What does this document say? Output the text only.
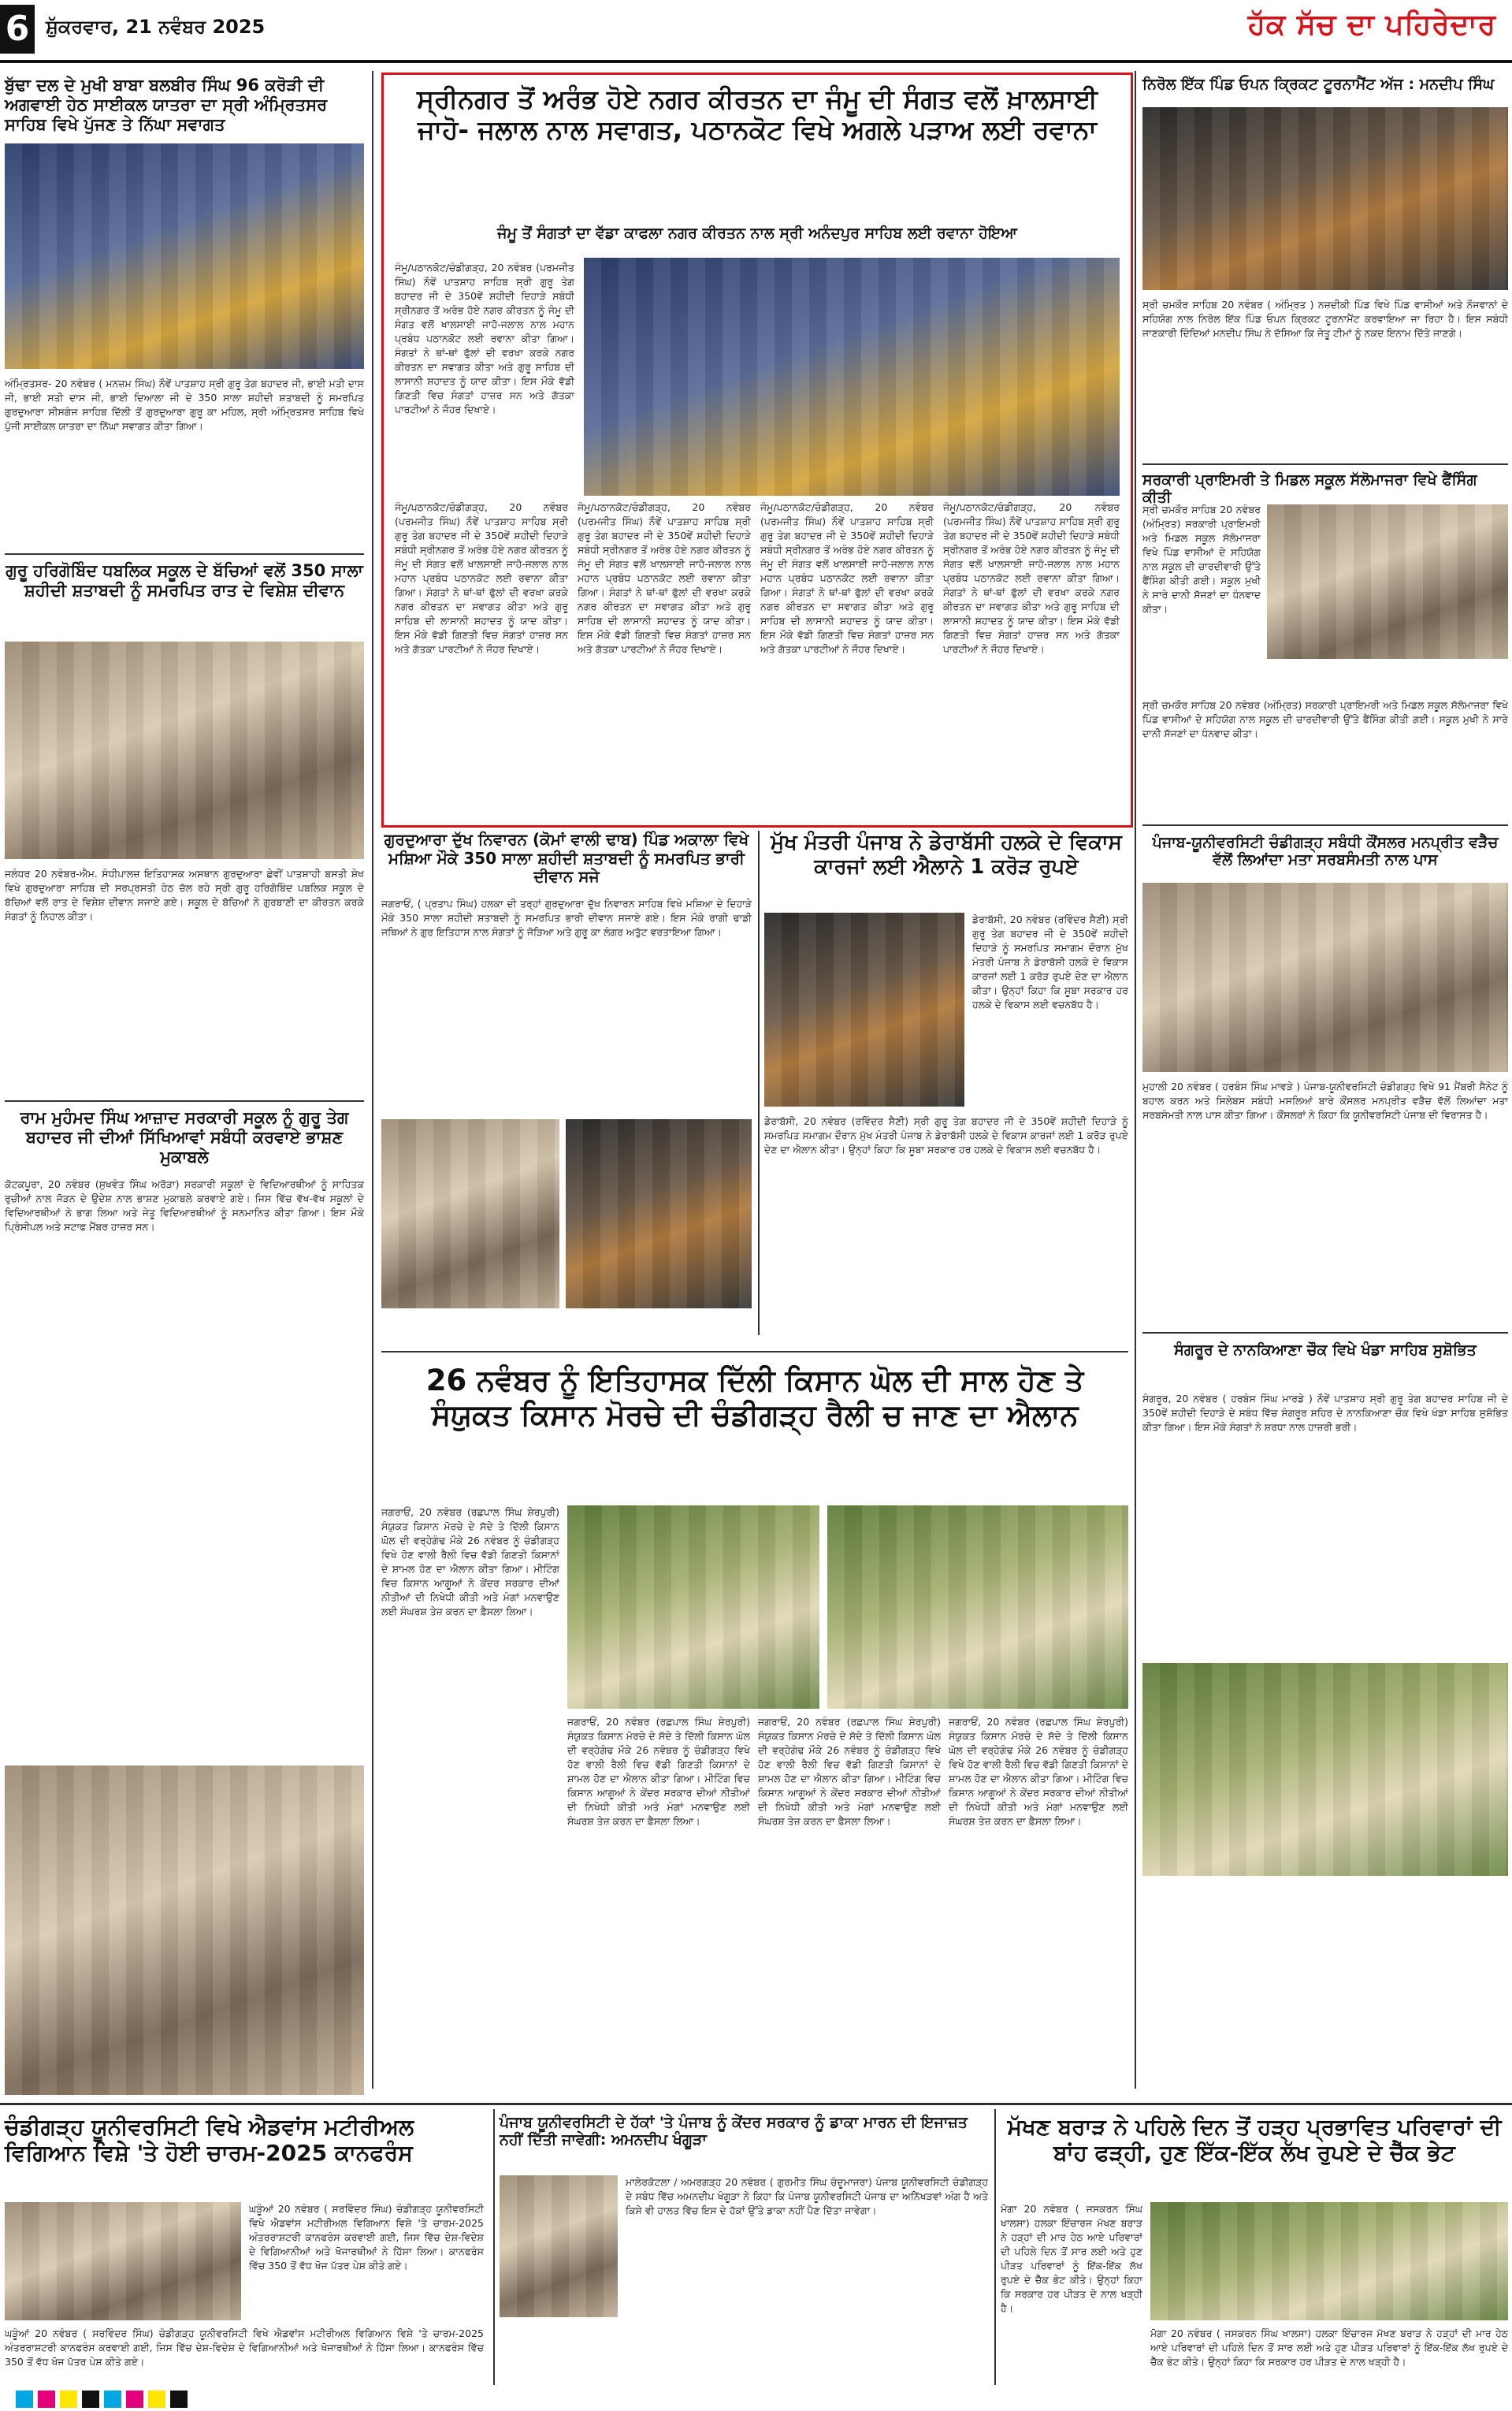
6 ਸ਼ੁੱਕਰਵਾਰ, 21 ਨਵੰਬਰ 2025	ਹੱਕ ਸੱਚ ਦਾ ਪਹਿਰੇਦਾਰ
ਬੁੱਢਾ ਦਲ ਦੇ ਮੁਖੀ ਬਾਬਾ ਬਲਬੀਰ ਸਿੰਘ 96 ਕਰੋੜੀ ਦੀ ਅਗਵਾਈ ਹੇਠ ਸਾਈਕਲ ਯਾਤਰਾ ਦਾ ਸ੍ਰੀ ਅੰਮ੍ਰਿਤਸਰ ਸਾਹਿਬ ਵਿਖੇ ਪੁੱਜਣ ਤੇ ਨਿੱਘਾ ਸਵਾਗਤ
ਅੰਮ੍ਰਿਤਸਰ- 20 ਨਵੰਬਰ ( ਮਨਜ਼ਮ ਸਿੰਘ) ਨੌਵੇਂ ਪਾਤਸ਼ਾਹ ਸ੍ਰੀ ਗੁਰੂ ਤੇਗ ਬਹਾਦਰ ਜੀ, ਭਾਈ ਮਤੀ ਦਾਸ ਜੀ, ਭਾਈ ਸਤੀ ਦਾਸ ਜੀ, ਭਾਈ ਦਿਆਲਾ ਜੀ ਦੇ 350 ਸਾਲਾ ਸ਼ਹੀਦੀ ਸ਼ਤਾਬਦੀ ਨੂੰ ਸਮਰਪਿਤ ਗੁਰਦੁਆਰਾ ਸੀਸਗੰਜ ਸਾਹਿਬ ਦਿੱਲੀ ਤੋਂ ਗੁਰਦੁਆਰਾ ਗੁਰੂ ਕਾ ਮਹਿਲ, ਸ੍ਰੀ ਅੰਮ੍ਰਿਤਸਰ ਸਾਹਿਬ ਵਿਖੇ ਪੁੱਜੀ ਸਾਈਕਲ ਯਾਤਰਾ ਦਾ ਨਿੱਘਾ ਸਵਾਗਤ ਕੀਤਾ ਗਿਆ।
ਗੁਰੂ ਹਰਿਗੋਬਿੰਦ ਧਬਲਿਕ ਸਕੂਲ ਦੇ ਬੱਚਿਆਂ ਵਲੋਂ 350 ਸਾਲਾ ਸ਼ਹੀਦੀ ਸ਼ਤਾਬਦੀ ਨੂੰ ਸਮਰਪਿਤ ਰਾਤ ਦੇ ਵਿਸ਼ੇਸ਼ ਦੀਵਾਨ
ਜਲੰਧਰ 20 ਨਵੰਬਰ-ਐਮ. ਸੰਧੀਪਾਲਜ਼ ਇਤਿਹਾਸਕ ਅਸਥਾਨ ਗੁਰਦੁਆਰਾ ਛੇਵੀਂ ਪਾਤਸ਼ਾਹੀ ਬਸਤੀ ਸ਼ੇਖ ਵਿਖੇ ਗੁਰਦੁਆਰਾ ਸਾਹਿਬ ਦੀ ਸਰਪ੍ਰਸਤੀ ਹੇਠ ਚੱਲ ਰਹੇ ਸ੍ਰੀ ਗੁਰੂ ਹਰਿਗੋਬਿੰਦ ਪਬਲਿਕ ਸਕੂਲ ਦੇ ਬੱਚਿਆਂ ਵਲੋਂ ਰਾਤ ਦੇ ਵਿਸ਼ੇਸ਼ ਦੀਵਾਨ ਸਜਾਏ ਗਏ। ਸਕੂਲ ਦੇ ਬੱਚਿਆਂ ਨੇ ਗੁਰਬਾਣੀ ਦਾ ਕੀਰਤਨ ਕਰਕੇ ਸੰਗਤਾਂ ਨੂੰ ਨਿਹਾਲ ਕੀਤਾ।
ਰਾਮ ਮੁਹੰਮਦ ਸਿੰਘ ਆਜ਼ਾਦ ਸਰਕਾਰੀ ਸਕੂਲ ਨੂੰ ਗੁਰੂ ਤੇਗ ਬਹਾਦਰ ਜੀ ਦੀਆਂ ਸਿੱਖਿਆਵਾਂ ਸਬੰਧੀ ਕਰਵਾਏ ਭਾਸ਼ਣ ਮੁਕਾਬਲੇ
ਕੋਟਕਪੂਰਾ, 20 ਨਵੰਬਰ (ਸੁਖਵੰਤ ਸਿੰਘ ਅਰੋੜਾ) ਸਰਕਾਰੀ ਸਕੂਲਾਂ ਦੇ ਵਿਦਿਆਰਥੀਆਂ ਨੂੰ ਸਾਹਿਤਕ ਰੁਚੀਆਂ ਨਾਲ ਜੋੜਨ ਦੇ ਉਦੇਸ਼ ਨਾਲ ਭਾਸ਼ਣ ਮੁਕਾਬਲੇ ਕਰਵਾਏ ਗਏ। ਜਿਸ ਵਿੱਚ ਵੱਖ-ਵੱਖ ਸਕੂਲਾਂ ਦੇ ਵਿਦਿਆਰਥੀਆਂ ਨੇ ਭਾਗ ਲਿਆ ਅਤੇ ਜੇਤੂ ਵਿਦਿਆਰਥੀਆਂ ਨੂੰ ਸਨਮਾਨਿਤ ਕੀਤਾ ਗਿਆ। ਇਸ ਮੌਕੇ ਪ੍ਰਿੰਸੀਪਲ ਅਤੇ ਸਟਾਫ ਮੈਂਬਰ ਹਾਜ਼ਰ ਸਨ।
ਸ੍ਰੀਨਗਰ ਤੋਂ ਅਰੰਭ ਹੋਏ ਨਗਰ ਕੀਰਤਨ ਦਾ ਜੰਮੂ ਦੀ ਸੰਗਤ ਵਲੋਂ ਖ਼ਾਲਸਾਈ ਜਾਹੋ- ਜਲਾਲ ਨਾਲ ਸਵਾਗਤ, ਪਠਾਨਕੋਟ ਵਿਖੇ ਅਗਲੇ ਪੜਾਅ ਲਈ ਰਵਾਨਾ
ਜੰਮੂ ਤੋਂ ਸੰਗਤਾਂ ਦਾ ਵੱਡਾ ਕਾਫਲਾ ਨਗਰ ਕੀਰਤਨ ਨਾਲ ਸ੍ਰੀ ਅਨੰਦਪੁਰ ਸਾਹਿਬ ਲਈ ਰਵਾਨਾ ਹੋਇਆ
ਜੰਮੂ/ਪਠਾਨਕੋਟ/ਚੰਡੀਗੜ੍ਹ, 20 ਨਵੰਬਰ (ਪਰਮਜੀਤ ਸਿੰਘ) ਨੌਵੇਂ ਪਾਤਸ਼ਾਹ ਸਾਹਿਬ ਸ੍ਰੀ ਗੁਰੂ ਤੇਗ ਬਹਾਦਰ ਜੀ ਦੇ 350ਵੇਂ ਸ਼ਹੀਦੀ ਦਿਹਾੜੇ ਸਬੰਧੀ ਸ੍ਰੀਨਗਰ ਤੋਂ ਅਰੰਭ ਹੋਏ ਨਗਰ ਕੀਰਤਨ ਨੂੰ ਜੰਮੂ ਦੀ ਸੰਗਤ ਵਲੋਂ ਖਾਲਸਾਈ ਜਾਹੋ-ਜਲਾਲ ਨਾਲ ਮਹਾਨ ਪ੍ਰਬੰਧ ਪਠਾਨਕੋਟ ਲਈ ਰਵਾਨਾ ਕੀਤਾ ਗਿਆ। ਸੰਗਤਾਂ ਨੇ ਥਾਂ-ਥਾਂ ਫੁੱਲਾਂ ਦੀ ਵਰਖਾ ਕਰਕੇ ਨਗਰ ਕੀਰਤਨ ਦਾ ਸਵਾਗਤ ਕੀਤਾ ਅਤੇ ਗੁਰੂ ਸਾਹਿਬ ਦੀ ਲਾਸਾਨੀ ਸ਼ਹਾਦਤ ਨੂੰ ਯਾਦ ਕੀਤਾ। ਇਸ ਮੌਕੇ ਵੱਡੀ ਗਿਣਤੀ ਵਿਚ ਸੰਗਤਾਂ ਹਾਜ਼ਰ ਸਨ ਅਤੇ ਗੱਤਕਾ ਪਾਰਟੀਆਂ ਨੇ ਜੌਹਰ ਦਿਖਾਏ।
ਜੰਮੂ/ਪਠਾਨਕੋਟ/ਚੰਡੀਗੜ੍ਹ, 20 ਨਵੰਬਰ (ਪਰਮਜੀਤ ਸਿੰਘ) ਨੌਵੇਂ ਪਾਤਸ਼ਾਹ ਸਾਹਿਬ ਸ੍ਰੀ ਗੁਰੂ ਤੇਗ ਬਹਾਦਰ ਜੀ ਦੇ 350ਵੇਂ ਸ਼ਹੀਦੀ ਦਿਹਾੜੇ ਸਬੰਧੀ ਸ੍ਰੀਨਗਰ ਤੋਂ ਅਰੰਭ ਹੋਏ ਨਗਰ ਕੀਰਤਨ ਨੂੰ ਜੰਮੂ ਦੀ ਸੰਗਤ ਵਲੋਂ ਖਾਲਸਾਈ ਜਾਹੋ-ਜਲਾਲ ਨਾਲ ਮਹਾਨ ਪ੍ਰਬੰਧ ਪਠਾਨਕੋਟ ਲਈ ਰਵਾਨਾ ਕੀਤਾ ਗਿਆ। ਸੰਗਤਾਂ ਨੇ ਥਾਂ-ਥਾਂ ਫੁੱਲਾਂ ਦੀ ਵਰਖਾ ਕਰਕੇ ਨਗਰ ਕੀਰਤਨ ਦਾ ਸਵਾਗਤ ਕੀਤਾ ਅਤੇ ਗੁਰੂ ਸਾਹਿਬ ਦੀ ਲਾਸਾਨੀ ਸ਼ਹਾਦਤ ਨੂੰ ਯਾਦ ਕੀਤਾ। ਇਸ ਮੌਕੇ ਵੱਡੀ ਗਿਣਤੀ ਵਿਚ ਸੰਗਤਾਂ ਹਾਜ਼ਰ ਸਨ ਅਤੇ ਗੱਤਕਾ ਪਾਰਟੀਆਂ ਨੇ ਜੌਹਰ ਦਿਖਾਏ।
ਜੰਮੂ/ਪਠਾਨਕੋਟ/ਚੰਡੀਗੜ੍ਹ, 20 ਨਵੰਬਰ (ਪਰਮਜੀਤ ਸਿੰਘ) ਨੌਵੇਂ ਪਾਤਸ਼ਾਹ ਸਾਹਿਬ ਸ੍ਰੀ ਗੁਰੂ ਤੇਗ ਬਹਾਦਰ ਜੀ ਦੇ 350ਵੇਂ ਸ਼ਹੀਦੀ ਦਿਹਾੜੇ ਸਬੰਧੀ ਸ੍ਰੀਨਗਰ ਤੋਂ ਅਰੰਭ ਹੋਏ ਨਗਰ ਕੀਰਤਨ ਨੂੰ ਜੰਮੂ ਦੀ ਸੰਗਤ ਵਲੋਂ ਖਾਲਸਾਈ ਜਾਹੋ-ਜਲਾਲ ਨਾਲ ਮਹਾਨ ਪ੍ਰਬੰਧ ਪਠਾਨਕੋਟ ਲਈ ਰਵਾਨਾ ਕੀਤਾ ਗਿਆ। ਸੰਗਤਾਂ ਨੇ ਥਾਂ-ਥਾਂ ਫੁੱਲਾਂ ਦੀ ਵਰਖਾ ਕਰਕੇ ਨਗਰ ਕੀਰਤਨ ਦਾ ਸਵਾਗਤ ਕੀਤਾ ਅਤੇ ਗੁਰੂ ਸਾਹਿਬ ਦੀ ਲਾਸਾਨੀ ਸ਼ਹਾਦਤ ਨੂੰ ਯਾਦ ਕੀਤਾ। ਇਸ ਮੌਕੇ ਵੱਡੀ ਗਿਣਤੀ ਵਿਚ ਸੰਗਤਾਂ ਹਾਜ਼ਰ ਸਨ ਅਤੇ ਗੱਤਕਾ ਪਾਰਟੀਆਂ ਨੇ ਜੌਹਰ ਦਿਖਾਏ।
ਜੰਮੂ/ਪਠਾਨਕੋਟ/ਚੰਡੀਗੜ੍ਹ, 20 ਨਵੰਬਰ (ਪਰਮਜੀਤ ਸਿੰਘ) ਨੌਵੇਂ ਪਾਤਸ਼ਾਹ ਸਾਹਿਬ ਸ੍ਰੀ ਗੁਰੂ ਤੇਗ ਬਹਾਦਰ ਜੀ ਦੇ 350ਵੇਂ ਸ਼ਹੀਦੀ ਦਿਹਾੜੇ ਸਬੰਧੀ ਸ੍ਰੀਨਗਰ ਤੋਂ ਅਰੰਭ ਹੋਏ ਨਗਰ ਕੀਰਤਨ ਨੂੰ ਜੰਮੂ ਦੀ ਸੰਗਤ ਵਲੋਂ ਖਾਲਸਾਈ ਜਾਹੋ-ਜਲਾਲ ਨਾਲ ਮਹਾਨ ਪ੍ਰਬੰਧ ਪਠਾਨਕੋਟ ਲਈ ਰਵਾਨਾ ਕੀਤਾ ਗਿਆ। ਸੰਗਤਾਂ ਨੇ ਥਾਂ-ਥਾਂ ਫੁੱਲਾਂ ਦੀ ਵਰਖਾ ਕਰਕੇ ਨਗਰ ਕੀਰਤਨ ਦਾ ਸਵਾਗਤ ਕੀਤਾ ਅਤੇ ਗੁਰੂ ਸਾਹਿਬ ਦੀ ਲਾਸਾਨੀ ਸ਼ਹਾਦਤ ਨੂੰ ਯਾਦ ਕੀਤਾ। ਇਸ ਮੌਕੇ ਵੱਡੀ ਗਿਣਤੀ ਵਿਚ ਸੰਗਤਾਂ ਹਾਜ਼ਰ ਸਨ ਅਤੇ ਗੱਤਕਾ ਪਾਰਟੀਆਂ ਨੇ ਜੌਹਰ ਦਿਖਾਏ।
ਜੰਮੂ/ਪਠਾਨਕੋਟ/ਚੰਡੀਗੜ੍ਹ, 20 ਨਵੰਬਰ (ਪਰਮਜੀਤ ਸਿੰਘ) ਨੌਵੇਂ ਪਾਤਸ਼ਾਹ ਸਾਹਿਬ ਸ੍ਰੀ ਗੁਰੂ ਤੇਗ ਬਹਾਦਰ ਜੀ ਦੇ 350ਵੇਂ ਸ਼ਹੀਦੀ ਦਿਹਾੜੇ ਸਬੰਧੀ ਸ੍ਰੀਨਗਰ ਤੋਂ ਅਰੰਭ ਹੋਏ ਨਗਰ ਕੀਰਤਨ ਨੂੰ ਜੰਮੂ ਦੀ ਸੰਗਤ ਵਲੋਂ ਖਾਲਸਾਈ ਜਾਹੋ-ਜਲਾਲ ਨਾਲ ਮਹਾਨ ਪ੍ਰਬੰਧ ਪਠਾਨਕੋਟ ਲਈ ਰਵਾਨਾ ਕੀਤਾ ਗਿਆ। ਸੰਗਤਾਂ ਨੇ ਥਾਂ-ਥਾਂ ਫੁੱਲਾਂ ਦੀ ਵਰਖਾ ਕਰਕੇ ਨਗਰ ਕੀਰਤਨ ਦਾ ਸਵਾਗਤ ਕੀਤਾ ਅਤੇ ਗੁਰੂ ਸਾਹਿਬ ਦੀ ਲਾਸਾਨੀ ਸ਼ਹਾਦਤ ਨੂੰ ਯਾਦ ਕੀਤਾ। ਇਸ ਮੌਕੇ ਵੱਡੀ ਗਿਣਤੀ ਵਿਚ ਸੰਗਤਾਂ ਹਾਜ਼ਰ ਸਨ ਅਤੇ ਗੱਤਕਾ ਪਾਰਟੀਆਂ ਨੇ ਜੌਹਰ ਦਿਖਾਏ।
ਗੁਰਦੁਆਰਾ ਦੁੱਖ ਨਿਵਾਰਨ (ਕੋਮਾਂ ਵਾਲੀ ਢਾਬ) ਪਿੰਡ ਅਕਾਲਾ ਵਿਖੇ ਮਸ਼ਿਆ ਮੌਕੇ 350 ਸਾਲਾ ਸ਼ਹੀਦੀ ਸ਼ਤਾਬਦੀ ਨੂੰ ਸਮਰਪਿਤ ਭਾਰੀ ਦੀਵਾਨ ਸਜੇ
ਜਗਰਾਓਂ, ( ਪ੍ਰਤਾਪ ਸਿੰਘ) ਹਲਕਾ ਦੀ ਤਰ੍ਹਾਂ ਗੁਰਦੁਆਰਾ ਦੁੱਖ ਨਿਵਾਰਨ ਸਾਹਿਬ ਵਿਖੇ ਮਸ਼ਿਆ ਦੇ ਦਿਹਾੜੇ ਮੌਕੇ 350 ਸਾਲਾ ਸ਼ਹੀਦੀ ਸ਼ਤਾਬਦੀ ਨੂੰ ਸਮਰਪਿਤ ਭਾਰੀ ਦੀਵਾਨ ਸਜਾਏ ਗਏ। ਇਸ ਮੌਕੇ ਰਾਗੀ ਢਾਡੀ ਜਥਿਆਂ ਨੇ ਗੁਰ ਇਤਿਹਾਸ ਨਾਲ ਸੰਗਤਾਂ ਨੂੰ ਜੋੜਿਆ ਅਤੇ ਗੁਰੂ ਕਾ ਲੰਗਰ ਅਤੁੱਟ ਵਰਤਾਇਆ ਗਿਆ।
ਮੁੱਖ ਮੰਤਰੀ ਪੰਜਾਬ ਨੇ ਡੇਰਾਬੱਸੀ ਹਲਕੇ ਦੇ ਵਿਕਾਸ ਕਾਰਜਾਂ ਲਈ ਐਲਾਨੇ 1 ਕਰੋੜ ਰੁਪਏ
ਡੇਰਾਬੱਸੀ, 20 ਨਵੰਬਰ (ਰਵਿੰਦਰ ਸੈਣੀ) ਸ੍ਰੀ ਗੁਰੂ ਤੇਗ ਬਹਾਦਰ ਜੀ ਦੇ 350ਵੇਂ ਸ਼ਹੀਦੀ ਦਿਹਾੜੇ ਨੂੰ ਸਮਰਪਿਤ ਸਮਾਗਮ ਦੌਰਾਨ ਮੁੱਖ ਮੰਤਰੀ ਪੰਜਾਬ ਨੇ ਡੇਰਾਬੱਸੀ ਹਲਕੇ ਦੇ ਵਿਕਾਸ ਕਾਰਜਾਂ ਲਈ 1 ਕਰੋੜ ਰੁਪਏ ਦੇਣ ਦਾ ਐਲਾਨ ਕੀਤਾ। ਉਨ੍ਹਾਂ ਕਿਹਾ ਕਿ ਸੂਬਾ ਸਰਕਾਰ ਹਰ ਹਲਕੇ ਦੇ ਵਿਕਾਸ ਲਈ ਵਚਨਬੱਧ ਹੈ।
ਡੇਰਾਬੱਸੀ, 20 ਨਵੰਬਰ (ਰਵਿੰਦਰ ਸੈਣੀ) ਸ੍ਰੀ ਗੁਰੂ ਤੇਗ ਬਹਾਦਰ ਜੀ ਦੇ 350ਵੇਂ ਸ਼ਹੀਦੀ ਦਿਹਾੜੇ ਨੂੰ ਸਮਰਪਿਤ ਸਮਾਗਮ ਦੌਰਾਨ ਮੁੱਖ ਮੰਤਰੀ ਪੰਜਾਬ ਨੇ ਡੇਰਾਬੱਸੀ ਹਲਕੇ ਦੇ ਵਿਕਾਸ ਕਾਰਜਾਂ ਲਈ 1 ਕਰੋੜ ਰੁਪਏ ਦੇਣ ਦਾ ਐਲਾਨ ਕੀਤਾ। ਉਨ੍ਹਾਂ ਕਿਹਾ ਕਿ ਸੂਬਾ ਸਰਕਾਰ ਹਰ ਹਲਕੇ ਦੇ ਵਿਕਾਸ ਲਈ ਵਚਨਬੱਧ ਹੈ।
26 ਨਵੰਬਰ ਨੂੰ ਇਤਿਹਾਸਕ ਦਿੱਲੀ ਕਿਸਾਨ ਘੋਲ ਦੀ ਸਾਲ ਹੋਣ ਤੇ ਸੰਯੁਕਤ ਕਿਸਾਨ ਮੋਰਚੇ ਦੀ ਚੰਡੀਗੜ੍ਹ ਰੈਲੀ ਚ ਜਾਣ ਦਾ ਐਲਾਨ
ਜਗਰਾਓਂ, 20 ਨਵੰਬਰ (ਰਛਪਾਲ ਸਿੰਘ ਸ਼ੇਰਪੁਰੀ) ਸੰਯੁਕਤ ਕਿਸਾਨ ਮੋਰਚੇ ਦੇ ਸੱਦੇ ਤੇ ਦਿੱਲੀ ਕਿਸਾਨ ਘੋਲ ਦੀ ਵਰ੍ਹੇਗੰਢ ਮੌਕੇ 26 ਨਵੰਬਰ ਨੂੰ ਚੰਡੀਗੜ੍ਹ ਵਿਖੇ ਹੋਣ ਵਾਲੀ ਰੈਲੀ ਵਿਚ ਵੱਡੀ ਗਿਣਤੀ ਕਿਸਾਨਾਂ ਦੇ ਸ਼ਾਮਲ ਹੋਣ ਦਾ ਐਲਾਨ ਕੀਤਾ ਗਿਆ। ਮੀਟਿੰਗ ਵਿਚ ਕਿਸਾਨ ਆਗੂਆਂ ਨੇ ਕੇਂਦਰ ਸਰਕਾਰ ਦੀਆਂ ਨੀਤੀਆਂ ਦੀ ਨਿਖੇਧੀ ਕੀਤੀ ਅਤੇ ਮੰਗਾਂ ਮਨਵਾਉਣ ਲਈ ਸੰਘਰਸ਼ ਤੇਜ਼ ਕਰਨ ਦਾ ਫ਼ੈਸਲਾ ਲਿਆ।
ਜਗਰਾਓਂ, 20 ਨਵੰਬਰ (ਰਛਪਾਲ ਸਿੰਘ ਸ਼ੇਰਪੁਰੀ) ਸੰਯੁਕਤ ਕਿਸਾਨ ਮੋਰਚੇ ਦੇ ਸੱਦੇ ਤੇ ਦਿੱਲੀ ਕਿਸਾਨ ਘੋਲ ਦੀ ਵਰ੍ਹੇਗੰਢ ਮੌਕੇ 26 ਨਵੰਬਰ ਨੂੰ ਚੰਡੀਗੜ੍ਹ ਵਿਖੇ ਹੋਣ ਵਾਲੀ ਰੈਲੀ ਵਿਚ ਵੱਡੀ ਗਿਣਤੀ ਕਿਸਾਨਾਂ ਦੇ ਸ਼ਾਮਲ ਹੋਣ ਦਾ ਐਲਾਨ ਕੀਤਾ ਗਿਆ। ਮੀਟਿੰਗ ਵਿਚ ਕਿਸਾਨ ਆਗੂਆਂ ਨੇ ਕੇਂਦਰ ਸਰਕਾਰ ਦੀਆਂ ਨੀਤੀਆਂ ਦੀ ਨਿਖੇਧੀ ਕੀਤੀ ਅਤੇ ਮੰਗਾਂ ਮਨਵਾਉਣ ਲਈ ਸੰਘਰਸ਼ ਤੇਜ਼ ਕਰਨ ਦਾ ਫ਼ੈਸਲਾ ਲਿਆ।
ਜਗਰਾਓਂ, 20 ਨਵੰਬਰ (ਰਛਪਾਲ ਸਿੰਘ ਸ਼ੇਰਪੁਰੀ) ਸੰਯੁਕਤ ਕਿਸਾਨ ਮੋਰਚੇ ਦੇ ਸੱਦੇ ਤੇ ਦਿੱਲੀ ਕਿਸਾਨ ਘੋਲ ਦੀ ਵਰ੍ਹੇਗੰਢ ਮੌਕੇ 26 ਨਵੰਬਰ ਨੂੰ ਚੰਡੀਗੜ੍ਹ ਵਿਖੇ ਹੋਣ ਵਾਲੀ ਰੈਲੀ ਵਿਚ ਵੱਡੀ ਗਿਣਤੀ ਕਿਸਾਨਾਂ ਦੇ ਸ਼ਾਮਲ ਹੋਣ ਦਾ ਐਲਾਨ ਕੀਤਾ ਗਿਆ। ਮੀਟਿੰਗ ਵਿਚ ਕਿਸਾਨ ਆਗੂਆਂ ਨੇ ਕੇਂਦਰ ਸਰਕਾਰ ਦੀਆਂ ਨੀਤੀਆਂ ਦੀ ਨਿਖੇਧੀ ਕੀਤੀ ਅਤੇ ਮੰਗਾਂ ਮਨਵਾਉਣ ਲਈ ਸੰਘਰਸ਼ ਤੇਜ਼ ਕਰਨ ਦਾ ਫ਼ੈਸਲਾ ਲਿਆ।
ਜਗਰਾਓਂ, 20 ਨਵੰਬਰ (ਰਛਪਾਲ ਸਿੰਘ ਸ਼ੇਰਪੁਰੀ) ਸੰਯੁਕਤ ਕਿਸਾਨ ਮੋਰਚੇ ਦੇ ਸੱਦੇ ਤੇ ਦਿੱਲੀ ਕਿਸਾਨ ਘੋਲ ਦੀ ਵਰ੍ਹੇਗੰਢ ਮੌਕੇ 26 ਨਵੰਬਰ ਨੂੰ ਚੰਡੀਗੜ੍ਹ ਵਿਖੇ ਹੋਣ ਵਾਲੀ ਰੈਲੀ ਵਿਚ ਵੱਡੀ ਗਿਣਤੀ ਕਿਸਾਨਾਂ ਦੇ ਸ਼ਾਮਲ ਹੋਣ ਦਾ ਐਲਾਨ ਕੀਤਾ ਗਿਆ। ਮੀਟਿੰਗ ਵਿਚ ਕਿਸਾਨ ਆਗੂਆਂ ਨੇ ਕੇਂਦਰ ਸਰਕਾਰ ਦੀਆਂ ਨੀਤੀਆਂ ਦੀ ਨਿਖੇਧੀ ਕੀਤੀ ਅਤੇ ਮੰਗਾਂ ਮਨਵਾਉਣ ਲਈ ਸੰਘਰਸ਼ ਤੇਜ਼ ਕਰਨ ਦਾ ਫ਼ੈਸਲਾ ਲਿਆ।
ਨਿਰੋਲ ਇੱਕ ਪਿੰਡ ਓਪਨ ਕ੍ਰਿਕਟ ਟੂਰਨਾਮੈਂਟ ਅੱਜ : ਮਨਦੀਪ ਸਿੰਘ
ਸ੍ਰੀ ਚਮਕੌਰ ਸਾਹਿਬ 20 ਨਵੰਬਰ ( ਅੰਮ੍ਰਿਤ ) ਨਜ਼ਦੀਕੀ ਪਿੰਡ ਵਿਖੇ ਪਿੰਡ ਵਾਸੀਆਂ ਅਤੇ ਨੌਜਵਾਨਾਂ ਦੇ ਸਹਿਯੋਗ ਨਾਲ ਨਿਰੋਲ ਇੱਕ ਪਿੰਡ ਓਪਨ ਕ੍ਰਿਕਟ ਟੂਰਨਾਮੈਂਟ ਕਰਵਾਇਆ ਜਾ ਰਿਹਾ ਹੈ। ਇਸ ਸਬੰਧੀ ਜਾਣਕਾਰੀ ਦਿੰਦਿਆਂ ਮਨਦੀਪ ਸਿੰਘ ਨੇ ਦੱਸਿਆ ਕਿ ਜੇਤੂ ਟੀਮਾਂ ਨੂੰ ਨਕਦ ਇਨਾਮ ਦਿੱਤੇ ਜਾਣਗੇ।
ਸਰਕਾਰੀ ਪ੍ਰਾਇਮਰੀ ਤੇ ਮਿਡਲ ਸਕੂਲ ਸੱਲੋਮਾਜਰਾ ਵਿਖੇ ਫੈਂਸਿੰਗ ਕੀਤੀ
ਸ੍ਰੀ ਚਮਕੌਰ ਸਾਹਿਬ 20 ਨਵੰਬਰ (ਅੰਮ੍ਰਿਤ) ਸਰਕਾਰੀ ਪ੍ਰਾਇਮਰੀ ਅਤੇ ਮਿਡਲ ਸਕੂਲ ਸੱਲੋਮਾਜਰਾ ਵਿਖੇ ਪਿੰਡ ਵਾਸੀਆਂ ਦੇ ਸਹਿਯੋਗ ਨਾਲ ਸਕੂਲ ਦੀ ਚਾਰਦੀਵਾਰੀ ਉੱਤੇ ਫੈਂਸਿੰਗ ਕੀਤੀ ਗਈ। ਸਕੂਲ ਮੁਖੀ ਨੇ ਸਾਰੇ ਦਾਨੀ ਸੱਜਣਾਂ ਦਾ ਧੰਨਵਾਦ ਕੀਤਾ।
ਸ੍ਰੀ ਚਮਕੌਰ ਸਾਹਿਬ 20 ਨਵੰਬਰ (ਅੰਮ੍ਰਿਤ) ਸਰਕਾਰੀ ਪ੍ਰਾਇਮਰੀ ਅਤੇ ਮਿਡਲ ਸਕੂਲ ਸੱਲੋਮਾਜਰਾ ਵਿਖੇ ਪਿੰਡ ਵਾਸੀਆਂ ਦੇ ਸਹਿਯੋਗ ਨਾਲ ਸਕੂਲ ਦੀ ਚਾਰਦੀਵਾਰੀ ਉੱਤੇ ਫੈਂਸਿੰਗ ਕੀਤੀ ਗਈ। ਸਕੂਲ ਮੁਖੀ ਨੇ ਸਾਰੇ ਦਾਨੀ ਸੱਜਣਾਂ ਦਾ ਧੰਨਵਾਦ ਕੀਤਾ।
ਪੰਜਾਬ-ਯੂਨੀਵਰਸਿਟੀ ਚੰਡੀਗੜ੍ਹ ਸਬੰਧੀ ਕੌਂਸਲਰ ਮਨਪ੍ਰੀਤ ਵੜੈਚ ਵੱਲੋਂ ਲਿਆਂਦਾ ਮਤਾ ਸਰਬਸੰਮਤੀ ਨਾਲ ਪਾਸ
ਮੁਹਾਲੀ 20 ਨਵੰਬਰ ( ਹਰਬੰਸ ਸਿੰਘ ਮਾਵੜੇ ) ਪੰਜਾਬ-ਯੂਨੀਵਰਸਿਟੀ ਚੰਡੀਗੜ੍ਹ ਵਿਖੇ 91 ਮੈਂਬਰੀ ਸੈਨੇਟ ਨੂੰ ਬਹਾਲ ਕਰਨ ਅਤੇ ਸਿਲੇਬਸ ਸਬੰਧੀ ਮਸਲਿਆਂ ਬਾਰੇ ਕੌਂਸਲਰ ਮਨਪ੍ਰੀਤ ਵੜੈਚ ਵੱਲੋਂ ਲਿਆਂਦਾ ਮਤਾ ਸਰਬਸੰਮਤੀ ਨਾਲ ਪਾਸ ਕੀਤਾ ਗਿਆ। ਕੌਂਸਲਰਾਂ ਨੇ ਕਿਹਾ ਕਿ ਯੂਨੀਵਰਸਿਟੀ ਪੰਜਾਬ ਦੀ ਵਿਰਾਸਤ ਹੈ।
ਸੰਗਰੂਰ ਦੇ ਨਾਨਕਿਆਣਾ ਚੌਕ ਵਿਖੇ ਖੰਡਾ ਸਾਹਿਬ ਸੁਸ਼ੋਭਿਤ
ਸੰਗਰੂਰ, 20 ਨਵੰਬਰ ( ਹਰਬੰਸ ਸਿੰਘ ਮਾਰਡੇ ) ਨੌਵੇਂ ਪਾਤਸ਼ਾਹ ਸ੍ਰੀ ਗੁਰੂ ਤੇਗ ਬਹਾਦਰ ਸਾਹਿਬ ਜੀ ਦੇ 350ਵੇਂ ਸ਼ਹੀਦੀ ਦਿਹਾੜੇ ਦੇ ਸਬੰਧ ਵਿੱਚ ਸੰਗਰੂਰ ਸ਼ਹਿਰ ਦੇ ਨਾਨਕਿਆਣਾ ਚੌਕ ਵਿਖੇ ਖੰਡਾ ਸਾਹਿਬ ਸੁਸ਼ੋਭਿਤ ਕੀਤਾ ਗਿਆ। ਇਸ ਮੌਕੇ ਸੰਗਤਾਂ ਨੇ ਸ਼ਰਧਾ ਨਾਲ ਹਾਜ਼ਰੀ ਭਰੀ।
ਚੰਡੀਗੜ੍ਹ ਯੂਨੀਵਰਸਿਟੀ ਵਿਖੇ ਐਡਵਾਂਸ ਮਟੀਰੀਅਲ ਵਿਗਿਆਨ ਵਿਸ਼ੇ 'ਤੇ ਹੋਈ ਚਾਰਮ-2025 ਕਾਨਫਰੰਸ
ਘੜੂੰਆਂ 20 ਨਵੰਬਰ ( ਸਰਵਿੰਦਰ ਸਿੰਘ) ਚੰਡੀਗੜ੍ਹ ਯੂਨੀਵਰਸਿਟੀ ਵਿਖੇ ਐਡਵਾਂਸ ਮਟੀਰੀਅਲ ਵਿਗਿਆਨ ਵਿਸ਼ੇ 'ਤੇ ਚਾਰਮ-2025 ਅੰਤਰਰਾਸ਼ਟਰੀ ਕਾਨਫਰੰਸ ਕਰਵਾਈ ਗਈ, ਜਿਸ ਵਿੱਚ ਦੇਸ਼-ਵਿਦੇਸ਼ ਦੇ ਵਿਗਿਆਨੀਆਂ ਅਤੇ ਖੋਜਾਰਥੀਆਂ ਨੇ ਹਿੱਸਾ ਲਿਆ। ਕਾਨਫਰੰਸ ਵਿੱਚ 350 ਤੋਂ ਵੱਧ ਖੋਜ ਪੱਤਰ ਪੇਸ਼ ਕੀਤੇ ਗਏ।
ਘੜੂੰਆਂ 20 ਨਵੰਬਰ ( ਸਰਵਿੰਦਰ ਸਿੰਘ) ਚੰਡੀਗੜ੍ਹ ਯੂਨੀਵਰਸਿਟੀ ਵਿਖੇ ਐਡਵਾਂਸ ਮਟੀਰੀਅਲ ਵਿਗਿਆਨ ਵਿਸ਼ੇ 'ਤੇ ਚਾਰਮ-2025 ਅੰਤਰਰਾਸ਼ਟਰੀ ਕਾਨਫਰੰਸ ਕਰਵਾਈ ਗਈ, ਜਿਸ ਵਿੱਚ ਦੇਸ਼-ਵਿਦੇਸ਼ ਦੇ ਵਿਗਿਆਨੀਆਂ ਅਤੇ ਖੋਜਾਰਥੀਆਂ ਨੇ ਹਿੱਸਾ ਲਿਆ। ਕਾਨਫਰੰਸ ਵਿੱਚ 350 ਤੋਂ ਵੱਧ ਖੋਜ ਪੱਤਰ ਪੇਸ਼ ਕੀਤੇ ਗਏ।
ਪੰਜਾਬ ਯੂਨੀਵਰਸਿਟੀ ਦੇ ਹੱਕਾਂ 'ਤੇ ਪੰਜਾਬ ਨੂੰ ਕੇਂਦਰ ਸਰਕਾਰ ਨੂੰ ਡਾਕਾ ਮਾਰਨ ਦੀ ਇਜਾਜ਼ਤ ਨਹੀਂ ਦਿੱਤੀ ਜਾਵੇਗੀ: ਅਮਨਦੀਪ ਖੰਗੂੜਾ
ਮਾਲੇਰਕੋਟਲਾ / ਅਮਰਗੜ੍ਹ 20 ਨਵੰਬਰ ( ਗੁਰਮੀਤ ਸਿੰਘ ਚੰਦੂਮਾਜਰਾ) ਪੰਜਾਬ ਯੂਨੀਵਰਸਿਟੀ ਚੰਡੀਗੜ੍ਹ ਦੇ ਸਬੰਧ ਵਿੱਚ ਅਮਨਦੀਪ ਖੰਗੂੜਾ ਨੇ ਕਿਹਾ ਕਿ ਪੰਜਾਬ ਯੂਨੀਵਰਸਿਟੀ ਪੰਜਾਬ ਦਾ ਅਨਿੱਖੜਵਾਂ ਅੰਗ ਹੈ ਅਤੇ ਕਿਸੇ ਵੀ ਹਾਲਤ ਵਿੱਚ ਇਸ ਦੇ ਹੱਕਾਂ ਉੱਤੇ ਡਾਕਾ ਨਹੀਂ ਪੈਣ ਦਿੱਤਾ ਜਾਵੇਗਾ।
ਮੱਖਣ ਬਰਾੜ ਨੇ ਪਹਿਲੇ ਦਿਨ ਤੋਂ ਹੜ੍ਹ ਪ੍ਰਭਾਵਿਤ ਪਰਿਵਾਰਾਂ ਦੀ ਬਾਂਹ ਫੜ੍ਹੀ, ਹੁਣ ਇੱਕ-ਇੱਕ ਲੱਖ ਰੁਪਏ ਦੇ ਚੈੱਕ ਭੇਟ
ਮੋਗਾ 20 ਨਵੰਬਰ ( ਜਸਕਰਨ ਸਿੰਘ ਖਾਲਸਾ) ਹਲਕਾ ਇੰਚਾਰਜ ਮੱਖਣ ਬਰਾੜ ਨੇ ਹੜ੍ਹਾਂ ਦੀ ਮਾਰ ਹੇਠ ਆਏ ਪਰਿਵਾਰਾਂ ਦੀ ਪਹਿਲੇ ਦਿਨ ਤੋਂ ਸਾਰ ਲਈ ਅਤੇ ਹੁਣ ਪੀੜਤ ਪਰਿਵਾਰਾਂ ਨੂੰ ਇੱਕ-ਇੱਕ ਲੱਖ ਰੁਪਏ ਦੇ ਚੈੱਕ ਭੇਟ ਕੀਤੇ। ਉਨ੍ਹਾਂ ਕਿਹਾ ਕਿ ਸਰਕਾਰ ਹਰ ਪੀੜਤ ਦੇ ਨਾਲ ਖੜ੍ਹੀ ਹੈ।
ਮੋਗਾ 20 ਨਵੰਬਰ ( ਜਸਕਰਨ ਸਿੰਘ ਖਾਲਸਾ) ਹਲਕਾ ਇੰਚਾਰਜ ਮੱਖਣ ਬਰਾੜ ਨੇ ਹੜ੍ਹਾਂ ਦੀ ਮਾਰ ਹੇਠ ਆਏ ਪਰਿਵਾਰਾਂ ਦੀ ਪਹਿਲੇ ਦਿਨ ਤੋਂ ਸਾਰ ਲਈ ਅਤੇ ਹੁਣ ਪੀੜਤ ਪਰਿਵਾਰਾਂ ਨੂੰ ਇੱਕ-ਇੱਕ ਲੱਖ ਰੁਪਏ ਦੇ ਚੈੱਕ ਭੇਟ ਕੀਤੇ। ਉਨ੍ਹਾਂ ਕਿਹਾ ਕਿ ਸਰਕਾਰ ਹਰ ਪੀੜਤ ਦੇ ਨਾਲ ਖੜ੍ਹੀ ਹੈ।
